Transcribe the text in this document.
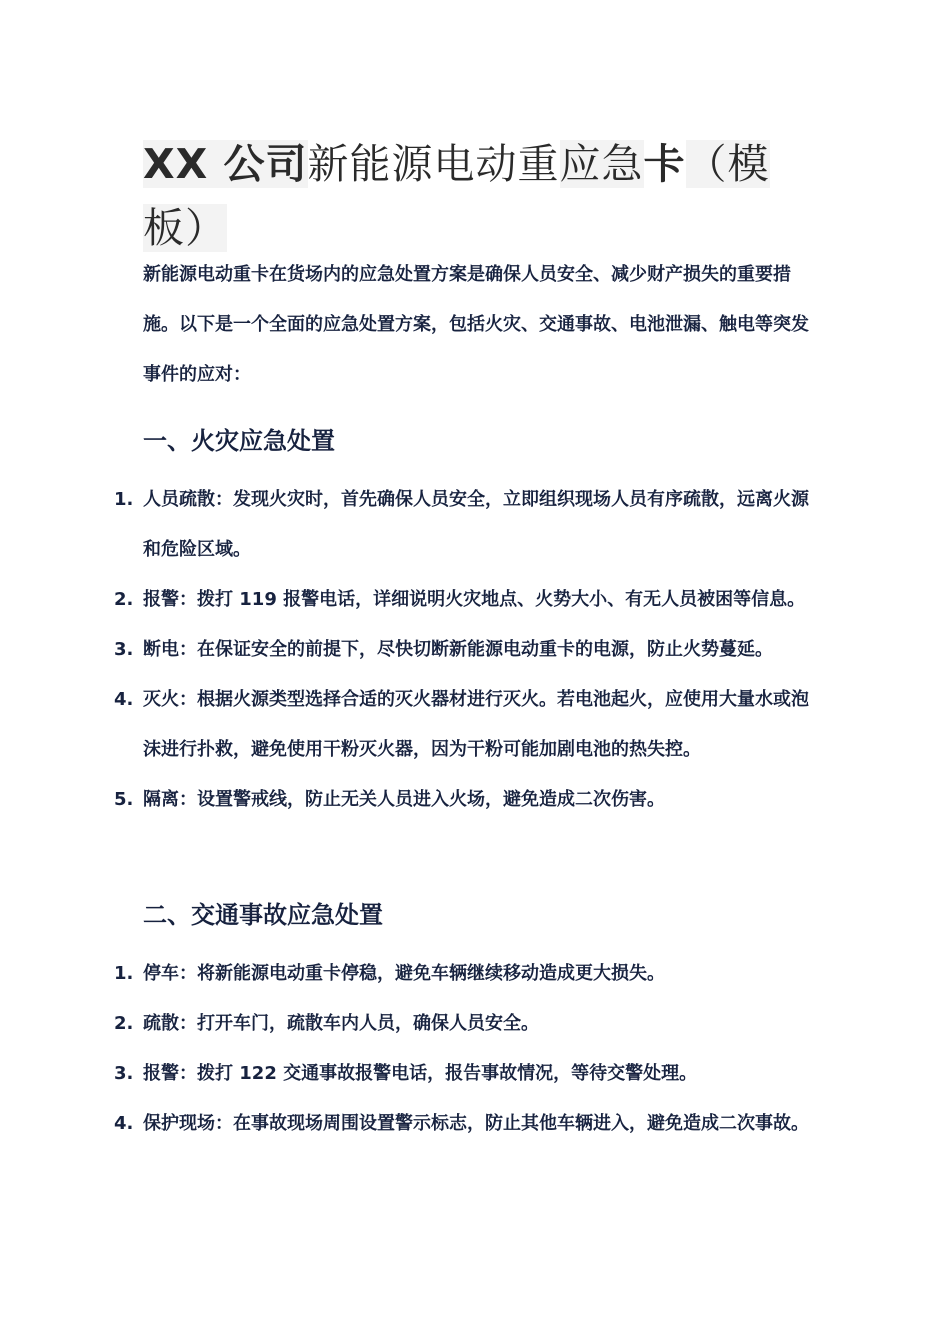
XX 公司新能源电动重应急卡（模
板）

新能源电动重卡在货场内的应急处置方案是确保人员安全、减少财产损失的重要措施。以下是一个全面的应急处置方案，包括火灾、交通事故、电池泄漏、触电等突发事件的应对：

一、火灾应急处置
1. 人员疏散：发现火灾时，首先确保人员安全，立即组织现场人员有序疏散，远离火源和危险区域。
2. 报警：拨打 119 报警电话，详细说明火灾地点、火势大小、有无人员被困等信息。
3. 断电：在保证安全的前提下，尽快切断新能源电动重卡的电源，防止火势蔓延。
4. 灭火：根据火源类型选择合适的灭火器材进行灭火。若电池起火，应使用大量水或泡沫进行扑救，避免使用干粉灭火器，因为干粉可能加剧电池的热失控。
5. 隔离：设置警戒线，防止无关人员进入火场，避免造成二次伤害。
二、交通事故应急处置
1. 停车：将新能源电动重卡停稳，避免车辆继续移动造成更大损失。
2. 疏散：打开车门，疏散车内人员，确保人员安全。
3. 报警：拨打 122 交通事故报警电话，报告事故情况，等待交警处理。
4. 保护现场：在事故现场周围设置警示标志，防止其他车辆进入，避免造成二次事故。
